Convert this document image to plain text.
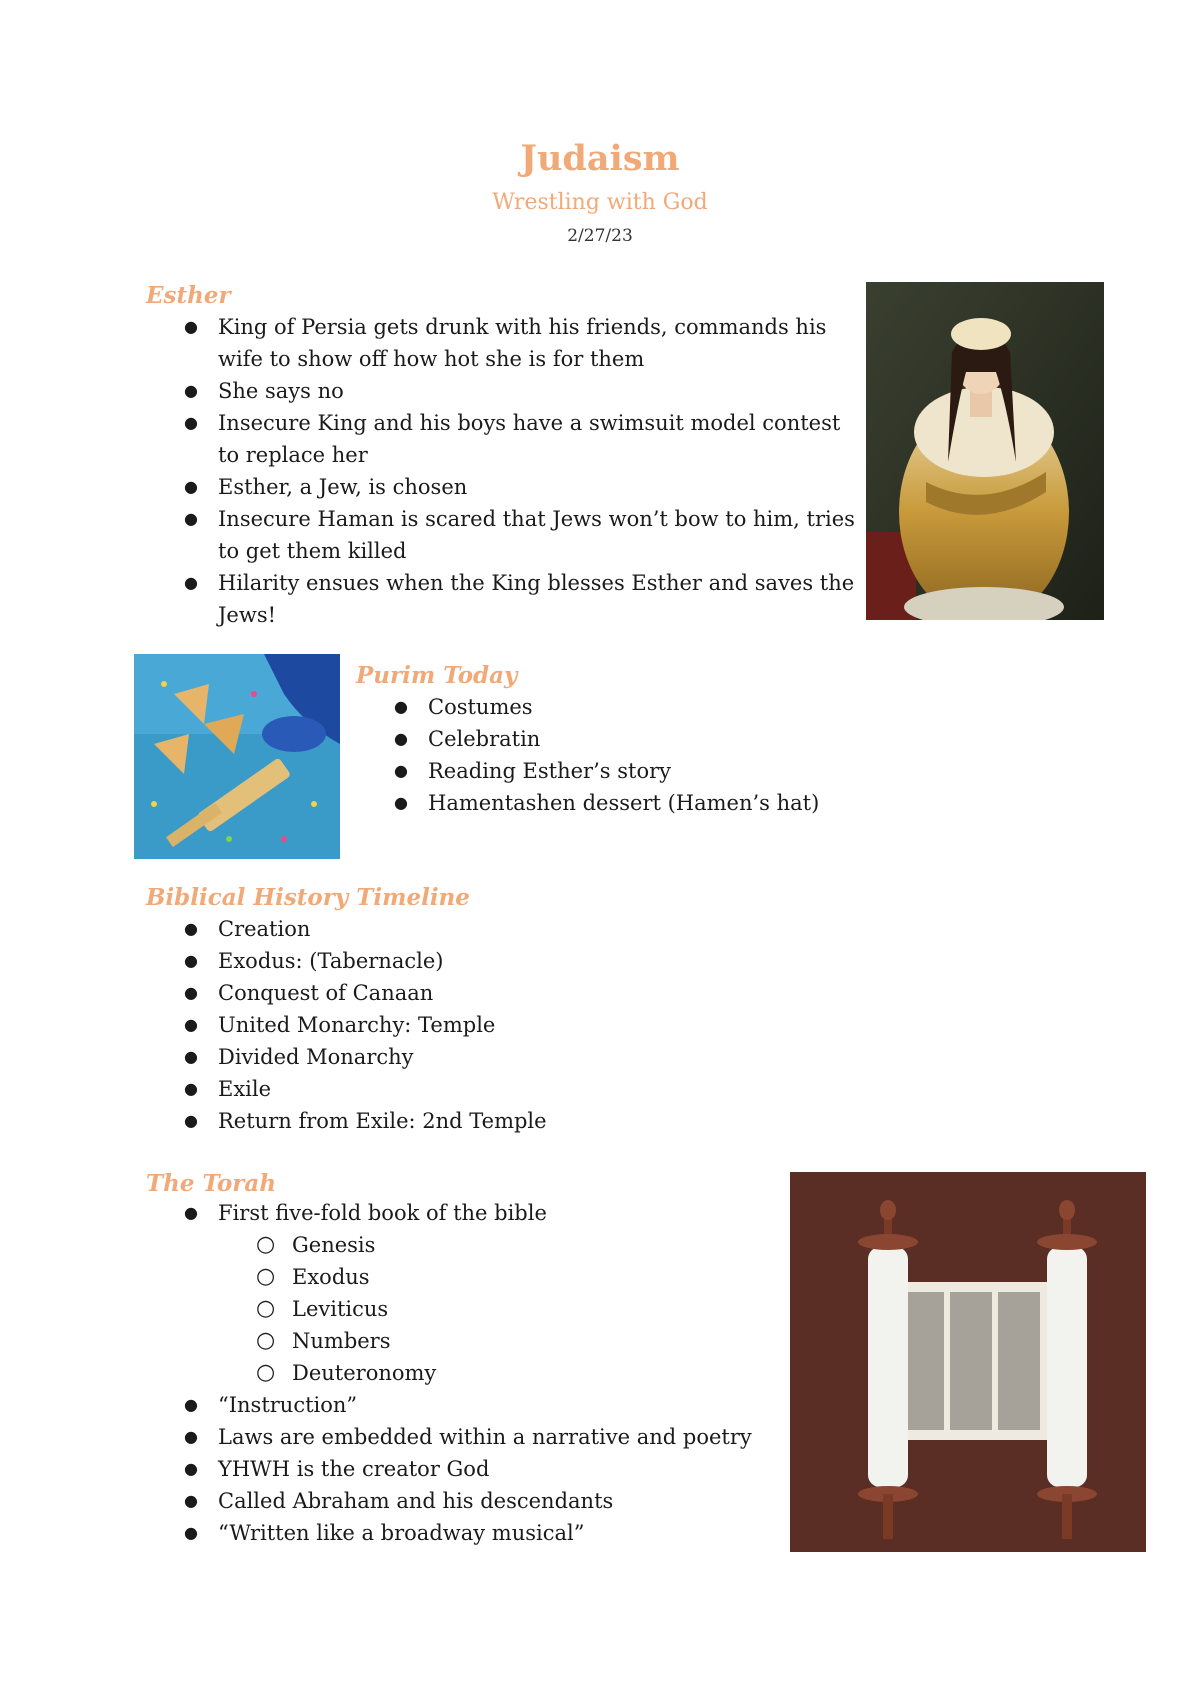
Judaism
Wrestling with God
2/27/23
Esther
● King of Persia gets drunk with his friends, commands his wife to show off how hot she is for them
● She says no
● Insecure King and his boys have a swimsuit model contest to replace her
● Esther, a Jew, is chosen
● Insecure Haman is scared that Jews won’t bow to him, tries to get them killed
● Hilarity ensues when the King blesses Esther and saves the Jews!
Purim Today
● Costumes
● Celebratin
● Reading Esther’s story
● Hamentashen dessert (Hamen’s hat)
Biblical History Timeline
● Creation
● Exodus: (Tabernacle)
● Conquest of Canaan
● United Monarchy: Temple
● Divided Monarchy
● Exile
● Return from Exile: 2nd Temple
The Torah
● First five-fold book of the bible
○ Genesis
○ Exodus
○ Leviticus
○ Numbers
○ Deuteronomy
● “Instruction”
● Laws are embedded within a narrative and poetry
● YHWH is the creator God
● Called Abraham and his descendants
● “Written like a broadway musical”
